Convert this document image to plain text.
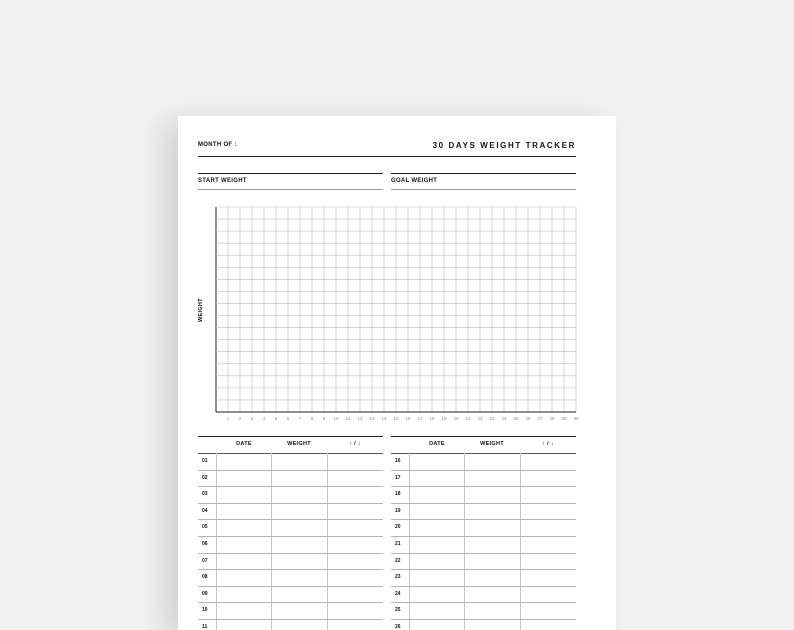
MONTH OF :	30 DAYS WEIGHT TRACKER
START WEIGHT	GOAL WEIGHT
WEIGHT
1 2 3 4 5 6 7 8 9 10 11 12 13 14 15 16 17 18 19 20 21 22 23 24 25 26 27 28 29 30
DATE	WEIGHT	↑ / ↓
01
02
03
04
05
06
07
08
09
10
11
DATE	WEIGHT	↑ / ↓
16
17
18
19
20
21
22
23
24
25
26
